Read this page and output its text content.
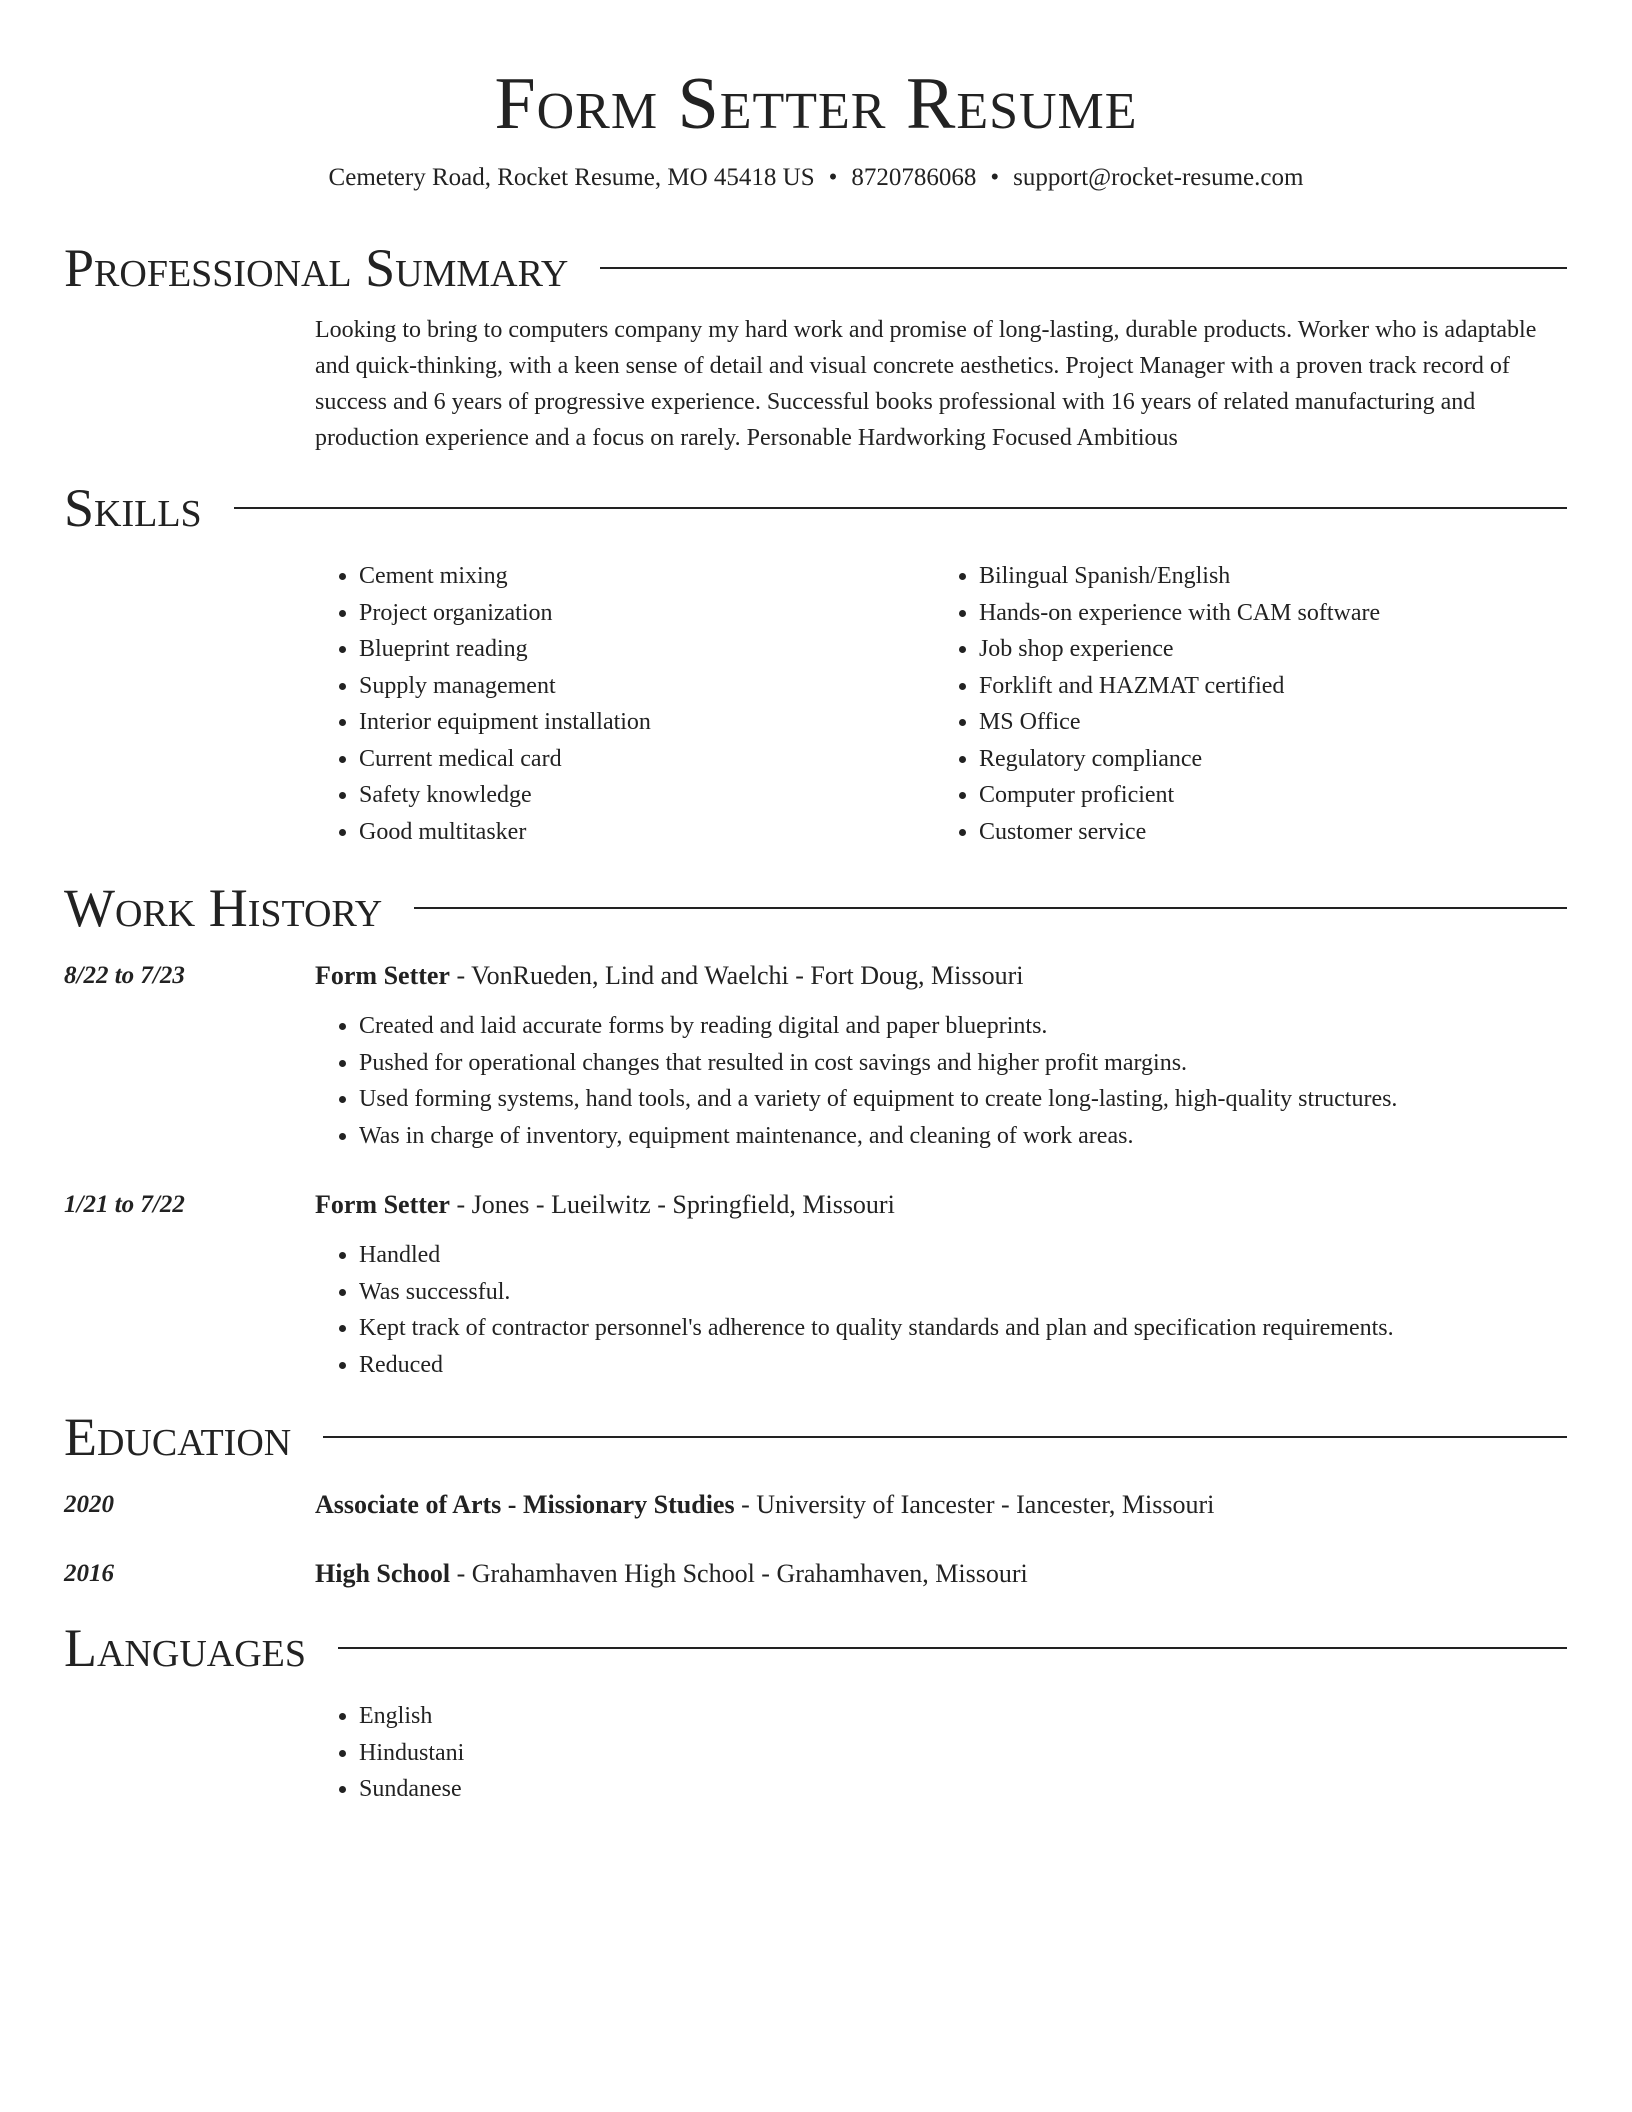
Form Setter Resume
Cemetery Road, Rocket Resume, MO 45418 US • 8720786068 • support@rocket-resume.com
Professional Summary
Looking to bring to computers company my hard work and promise of long-lasting, durable products. Worker who is adaptable and quick-thinking, with a keen sense of detail and visual concrete aesthetics. Project Manager with a proven track record of success and 6 years of progressive experience. Successful books professional with 16 years of related manufacturing and production experience and a focus on rarely. Personable Hardworking Focused Ambitious
Skills
• Cement mixing
• Project organization
• Blueprint reading
• Supply management
• Interior equipment installation
• Current medical card
• Safety knowledge
• Good multitasker
• Bilingual Spanish/English
• Hands-on experience with CAM software
• Job shop experience
• Forklift and HAZMAT certified
• MS Office
• Regulatory compliance
• Computer proficient
• Customer service
Work History
8/22 to 7/23	Form Setter - VonRueden, Lind and Waelchi - Fort Doug, Missouri
• Created and laid accurate forms by reading digital and paper blueprints.
• Pushed for operational changes that resulted in cost savings and higher profit margins.
• Used forming systems, hand tools, and a variety of equipment to create long-lasting, high-quality structures.
• Was in charge of inventory, equipment maintenance, and cleaning of work areas.
1/21 to 7/22	Form Setter - Jones - Lueilwitz - Springfield, Missouri
• Handled
• Was successful.
• Kept track of contractor personnel's adherence to quality standards and plan and specification requirements.
• Reduced
Education
2020	Associate of Arts - Missionary Studies - University of Iancester - Iancester, Missouri
2016	High School - Grahamhaven High School - Grahamhaven, Missouri
Languages
• English
• Hindustani
• Sundanese
